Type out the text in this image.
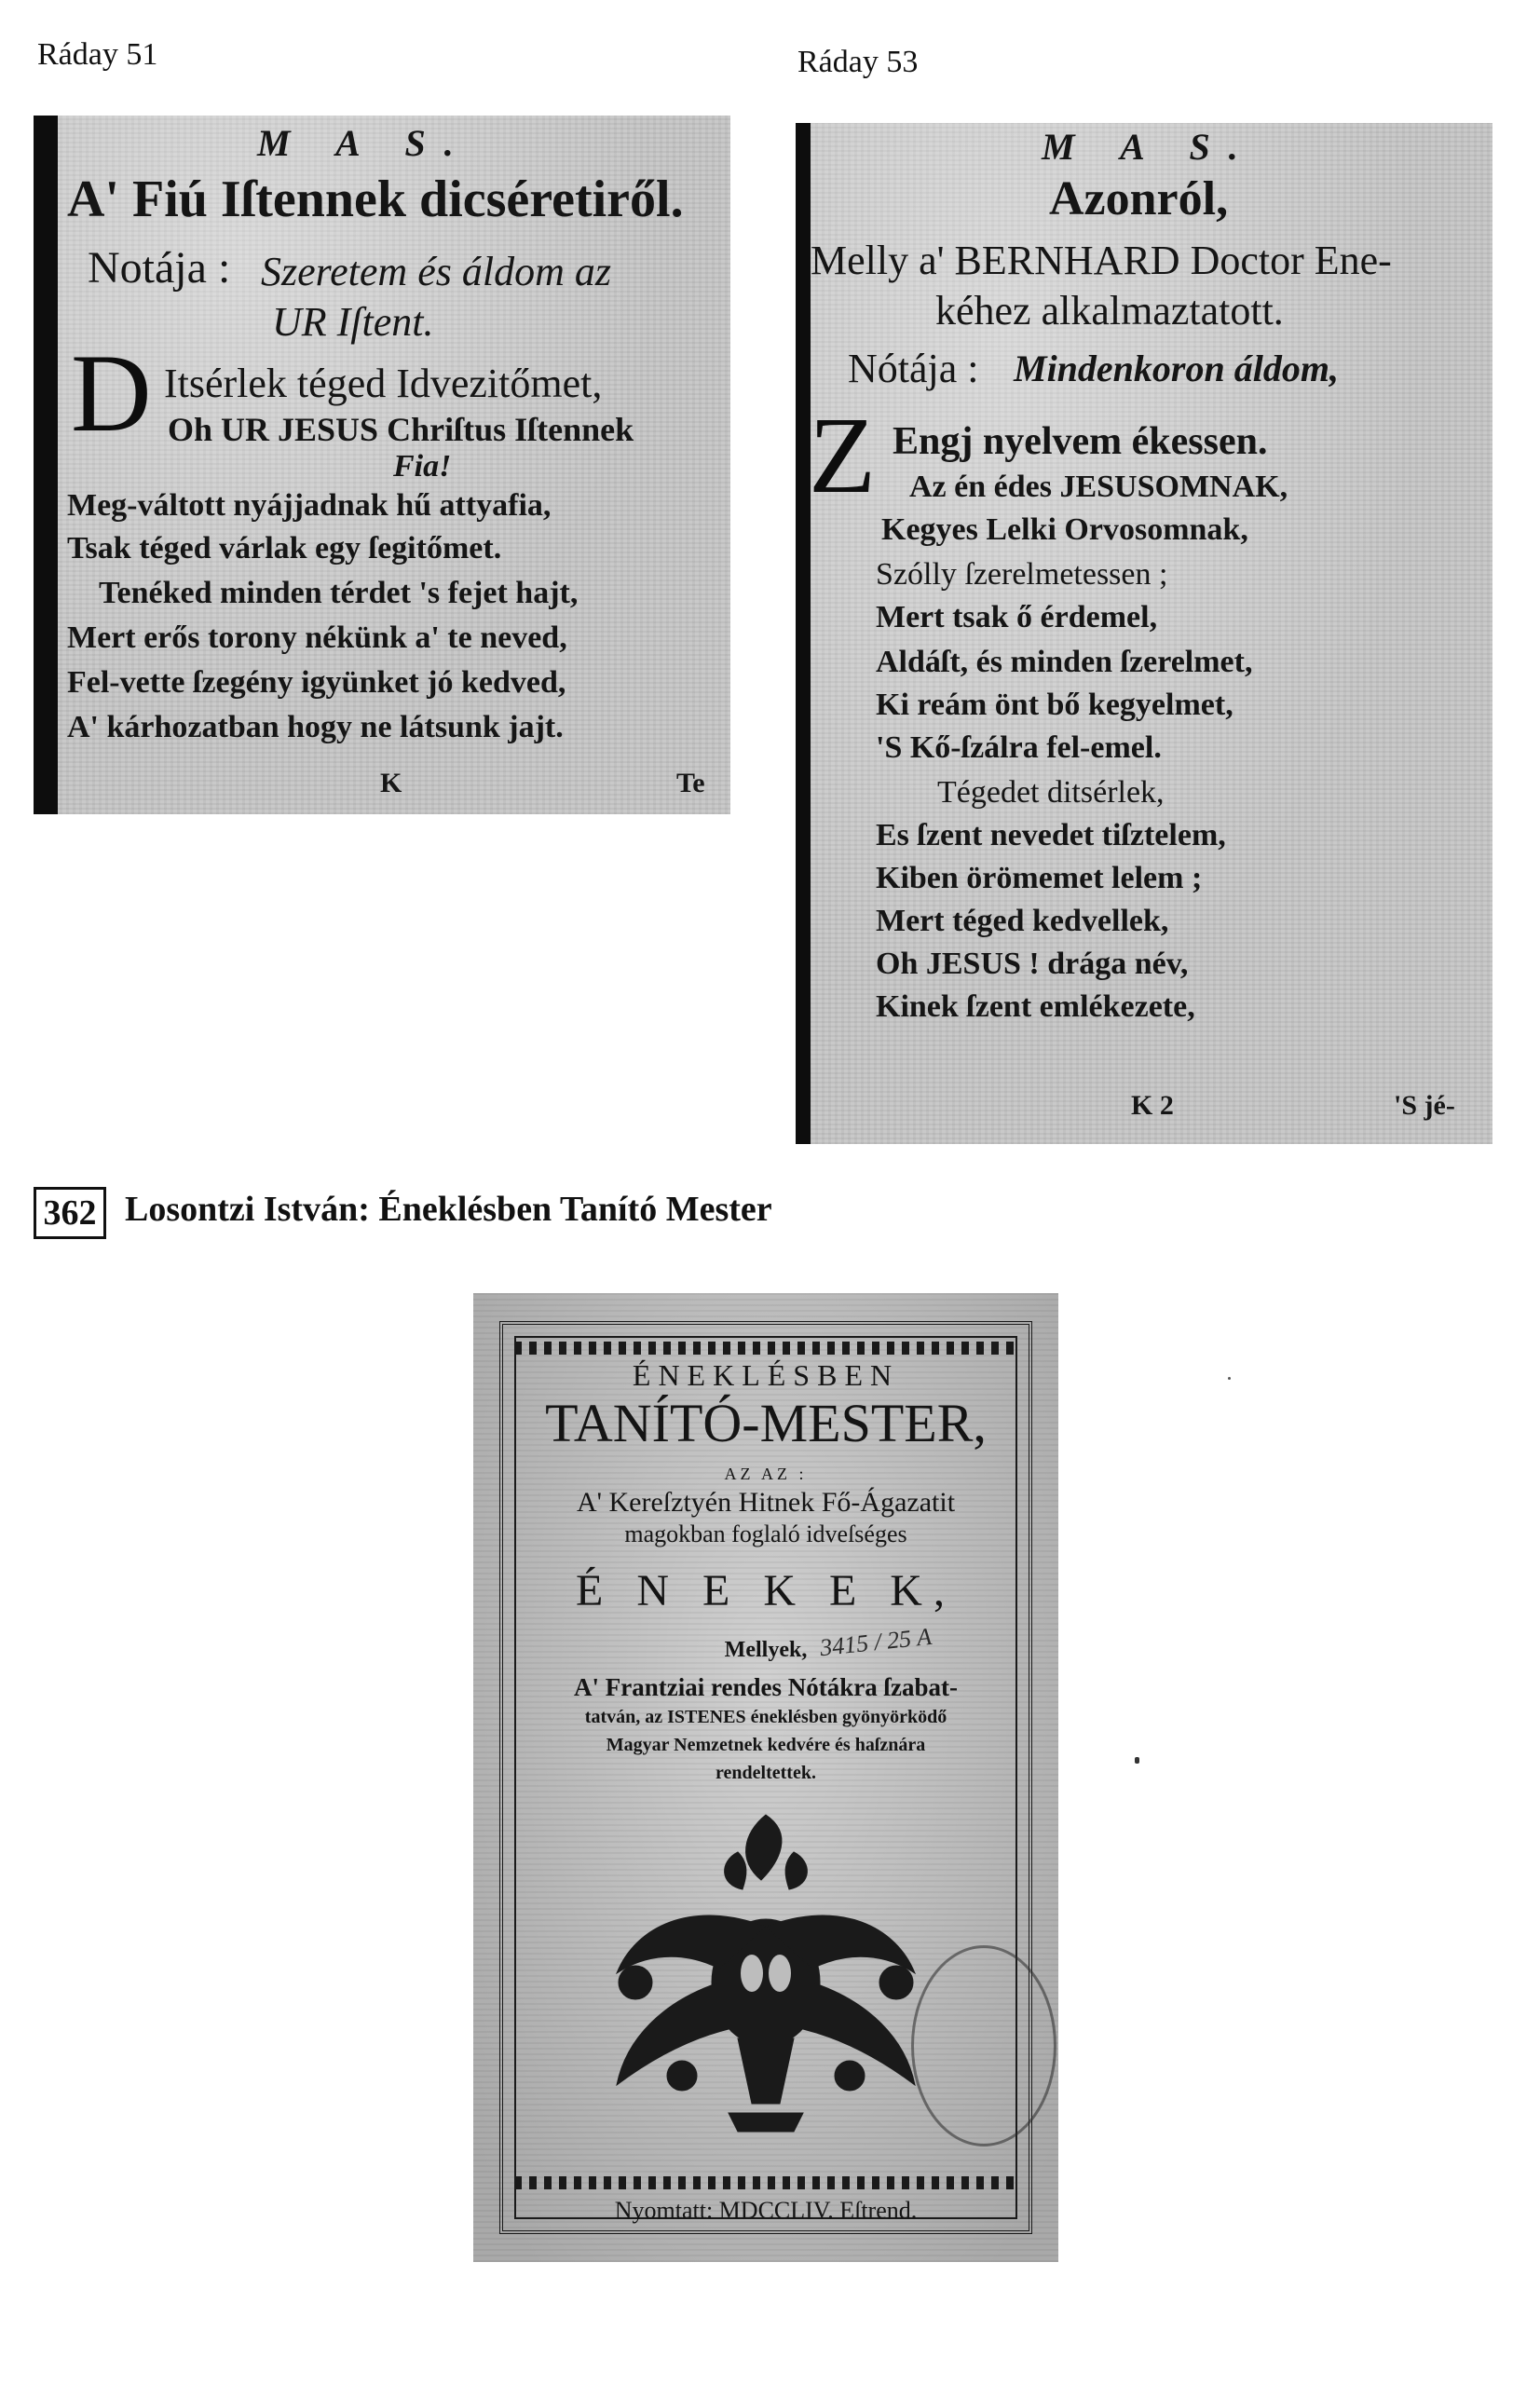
Ráday 51	Ráday 53
M A S.
A' Fiú Iſtennek dicséretiről.
Notája : Szeretem és áldom az
UR Iſtent.
D Itsérlek téged Idvezitőmet,
Oh UR JESUS Chriſtus Iſtennek
Fia!
Meg-váltott nyájjadnak hű attyafia,
Tsak téged várlak egy ſegitőmet.
Tenéked minden térdet 's fejet hajt,
Mert erős torony nékünk a' te neved,
Fel-vette ſzegény igyünket jó kedved,
A' kárhozatban hogy ne látsunk jajt.
K	Te
M A S.
Azonról,
Melly a' BERNHARD Doctor Ene-
kéhez alkalmaztatott.
Nótája : Mindenkoron áldom,
Z Engj nyelvem ékessen.
Az én édes JESUSOMNAK,
Kegyes Lelki Orvosomnak,
Szólly ſzerelmetessen ;
Mert tsak ő érdemel,
Aldáſt, és minden ſzerelmet,
Ki reám önt bő kegyelmet,
'S Kő-ſzálra fel-emel.
Tégedet ditsérlek,
Es ſzent nevedet tiſztelem,
Kiben örömemet lelem ;
Mert téged kedvellek,
Oh JESUS ! drága név,
Kinek ſzent emlékezete,
K 2	'S jé-
362 Losontzi István: Éneklésben Tanító Mester
ÉNEKLÉSBEN
TANÍTÓ-MESTER,
AZ AZ :
A' Kereſztyén Hitnek Fő-Ágazatit
magokban foglaló idveſséges
É N E K E K,
Mellyek,
A' Frantziai rendes Nótákra ſzabat-
tatván, az ISTENES éneklésben gyönyörködő
Magyar Nemzetnek kedvére és haſznára
rendeltettek.
3415 / 25 A
Nyomtatt: MDCCLIV. Eſtrend.
